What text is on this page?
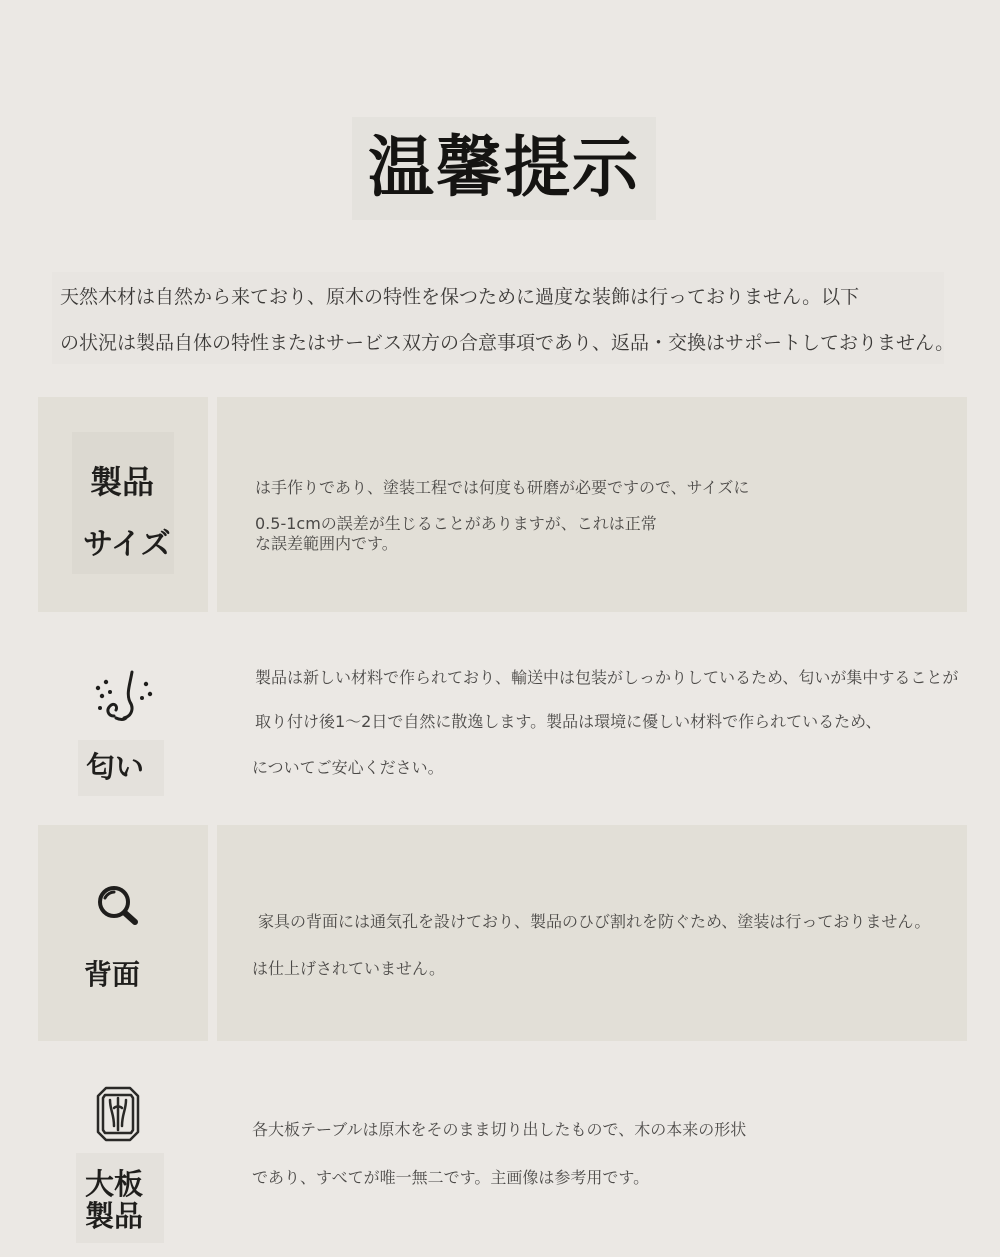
温馨提示
天然木材は自然から来ており、原木の特性を保つために過度な装飾は行っておりません。以下
の状況は製品自体の特性またはサービス双方の合意事項であり、返品・交換はサポートしておりません。
製品
サイズ
は手作りであり、塗装工程では何度も研磨が必要ですので、サイズに
0.5-1cmの誤差が生じることがありますが、これは正常
な誤差範囲内です。
匂い
製品は新しい材料で作られており、輸送中は包装がしっかりしているため、匂いが集中することが
取り付け後1〜2日で自然に散逸します。製品は環境に優しい材料で作られているため、
についてご安心ください。
背面
家具の背面には通気孔を設けており、製品のひび割れを防ぐため、塗装は行っておりません。
は仕上げされていません。
大板
製品
各大板テーブルは原木をそのまま切り出したもので、木の本来の形状
であり、すべてが唯一無二です。主画像は参考用です。
